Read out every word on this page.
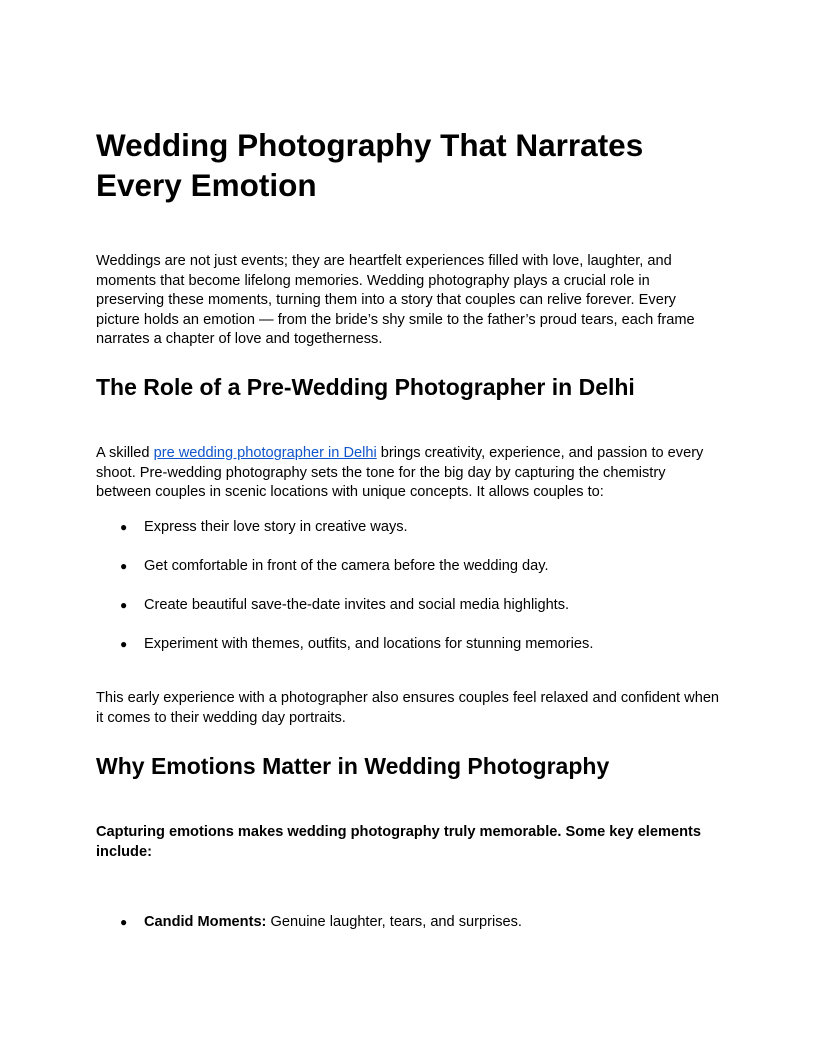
Wedding Photography That Narrates Every Emotion

Weddings are not just events; they are heartfelt experiences filled with love, laughter, and moments that become lifelong memories. Wedding photography plays a crucial role in preserving these moments, turning them into a story that couples can relive forever. Every picture holds an emotion — from the bride’s shy smile to the father’s proud tears, each frame narrates a chapter of love and togetherness.

The Role of a Pre-Wedding Photographer in Delhi

A skilled pre wedding photographer in Delhi brings creativity, experience, and passion to every shoot. Pre-wedding photography sets the tone for the big day by capturing the chemistry between couples in scenic locations with unique concepts. It allows couples to:

● Express their love story in creative ways.
● Get comfortable in front of the camera before the wedding day.
● Create beautiful save-the-date invites and social media highlights.
● Experiment with themes, outfits, and locations for stunning memories.

This early experience with a photographer also ensures couples feel relaxed and confident when it comes to their wedding day portraits.

Why Emotions Matter in Wedding Photography

Capturing emotions makes wedding photography truly memorable. Some key elements include:

● Candid Moments: Genuine laughter, tears, and surprises.
